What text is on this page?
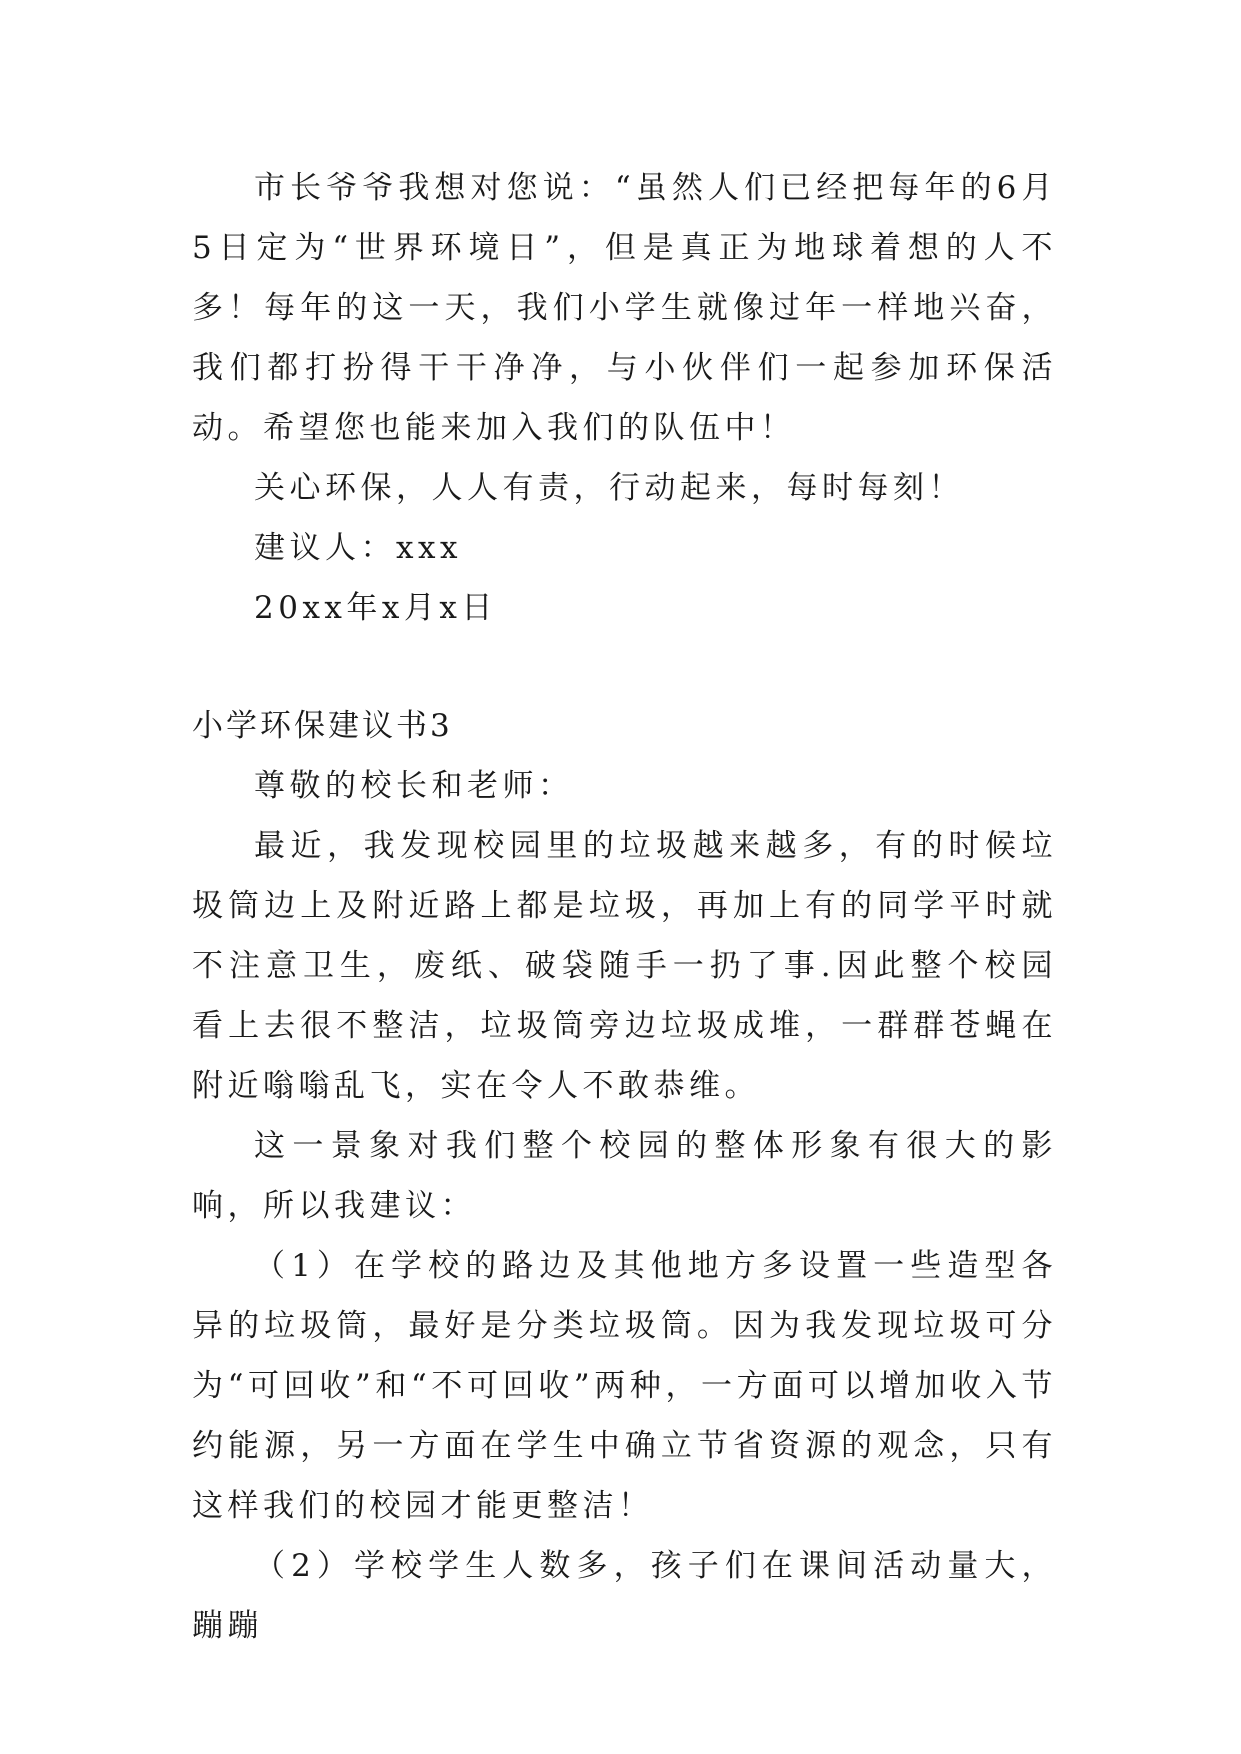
市长爷爷我想对您说：“虽然人们已经把每年的6月5日定为“世界环境日”，但是真正为地球着想的人不多！每年的这一天，我们小学生就像过年一样地兴奋，我们都打扮得干干净净，与小伙伴们一起参加环保活动。希望您也能来加入我们的队伍中！

关心环保，人人有责，行动起来，每时每刻！

建议人：xxx

20xx年x月x日

小学环保建议书3

尊敬的校长和老师：

最近，我发现校园里的垃圾越来越多，有的时候垃圾筒边上及附近路上都是垃圾，再加上有的同学平时就不注意卫生，废纸、破袋随手一扔了事.因此整个校园看上去很不整洁，垃圾筒旁边垃圾成堆，一群群苍蝇在附近嗡嗡乱飞，实在令人不敢恭维。

这一景象对我们整个校园的整体形象有很大的影响，所以我建议：

（1）在学校的路边及其他地方多设置一些造型各异的垃圾筒，最好是分类垃圾筒。因为我发现垃圾可分为“可回收”和“不可回收”两种，一方面可以增加收入节约能源，另一方面在学生中确立节省资源的观念，只有这样我们的校园才能更整洁！

（2）学校学生人数多，孩子们在课间活动量大，蹦蹦
